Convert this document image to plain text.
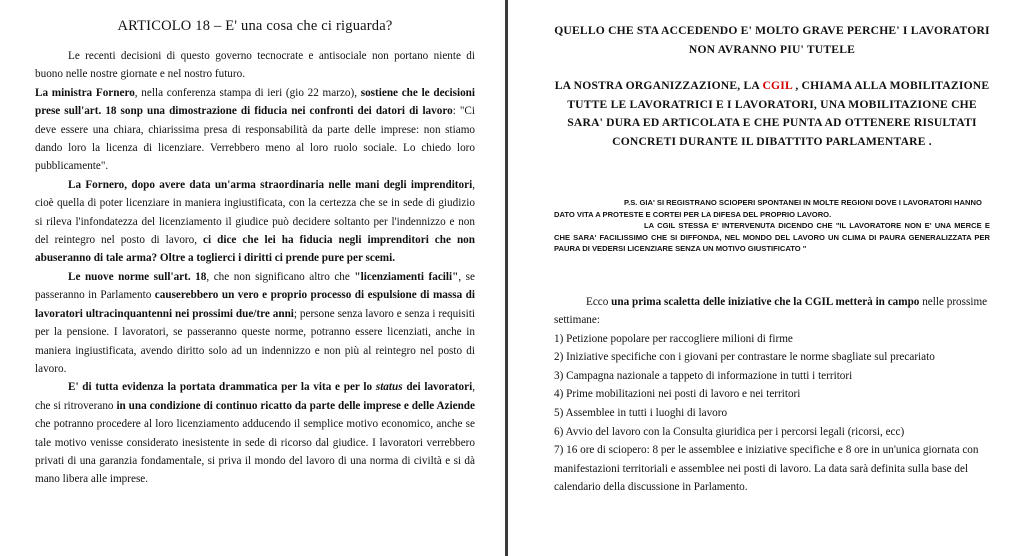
ARTICOLO 18 – E' una cosa che ci riguarda?

Le recenti decisioni di questo governo tecnocrate e antisociale non portano niente di buono nelle nostre giornate e nel nostro futuro.

La ministra Fornero, nella conferenza stampa di ieri (gio 22 marzo), sostiene che le decisioni prese sull'art. 18 sonp una dimostrazione di fiducia nei confronti dei datori di lavoro: "Ci deve essere una chiara, chiarissima presa di responsabilità da parte delle imprese: non stiamo dando loro la licenza di licenziare. Verrebbero meno al loro ruolo sociale. Lo chiedo loro pubblicamente".

La Fornero, dopo avere data un'arma straordinaria nelle mani degli imprenditori, cioè quella di poter licenziare in maniera ingiustificata, con la certezza che se in sede di giudizio si rileva l'infondatezza del licenziamento il giudice può decidere soltanto per l'indennizzo e non del reintegro nel posto di lavoro, ci dice che lei ha fiducia negli imprenditori che non abuseranno di tale arma? Oltre a toglierci i diritti ci prende pure per scemi.

Le nuove norme sull'art. 18, che non significano altro che "licenziamenti facili", se passeranno in Parlamento causerebbero un vero e proprio processo di espulsione di massa di lavoratori ultracinquantenni nei prossimi due/tre anni; persone senza lavoro e senza i requisiti per la pensione. I lavoratori, se passeranno queste norme, potranno essere licenziati, anche in maniera ingiustificata, avendo diritto solo ad un indennizzo e non più al reintegro nel posto di lavoro.

E' di tutta evidenza la portata drammatica per la vita e per lo status dei lavoratori, che si ritroverano in una condizione di continuo ricatto da parte delle imprese e delle Aziende che potranno procedere al loro licenziamento adducendo il semplice motivo economico, anche se tale motivo venisse considerato inesistente in sede di ricorso dal giudice. I lavoratori verrebbero privati di una garanzia fondamentale, si priva il mondo del lavoro di una norma di civiltà e si dà mano libera alle imprese.

QUELLO CHE STA ACCEDENDO E' MOLTO GRAVE PERCHE' I LAVORATORI NON AVRANNO PIU' TUTELE
LA NOSTRA ORGANIZZAZIONE, LA CGIL , CHIAMA ALLA MOBILITAZIONE TUTTE LE LAVORATRICI E I LAVORATORI, UNA MOBILITAZIONE CHE SARA' DURA ED ARTICOLATA E CHE PUNTA AD OTTENERE RISULTATI CONCRETI DURANTE IL DIBATTITO PARLAMENTARE .

P.S. GIA' SI REGISTRANO SCIOPERI SPONTANEI IN MOLTE REGIONI DOVE I LAVORATORI HANNO DATO VITA A PROTESTE E CORTEI PER LA DIFESA DEL PROPRIO LAVORO.

LA CGIL STESSA E' INTERVENUTA DICENDO CHE "IL LAVORATORE NON E' UNA MERCE E CHE SARA' FACILISSIMO CHE SI DIFFONDA, NEL MONDO DEL LAVORO UN CLIMA DI PAURA GENERALIZZATA PER PAURA DI VEDERSI LICENZIARE SENZA UN MOTIVO GIUSTIFICATO "

Ecco una prima scaletta delle iniziative che la CGIL metterà in campo nelle prossime settimane:

1) Petizione popolare per raccogliere milioni di firme
2) Iniziative specifiche con i giovani per contrastare le norme sbagliate sul precariato
3) Campagna nazionale a tappeto di informazione in tutti i territori
4) Prime mobilitazioni nei posti di lavoro e nei territori
5) Assemblee in tutti i luoghi di lavoro
6) Avvio del lavoro con la Consulta giuridica per i percorsi legali (ricorsi, ecc)
7) 16 ore di sciopero: 8 per le assemblee e iniziative specifiche e 8 ore in un'unica giornata con manifestazioni territoriali e assemblee nei posti di lavoro. La data sarà definita sulla base del calendario della discussione in Parlamento.
